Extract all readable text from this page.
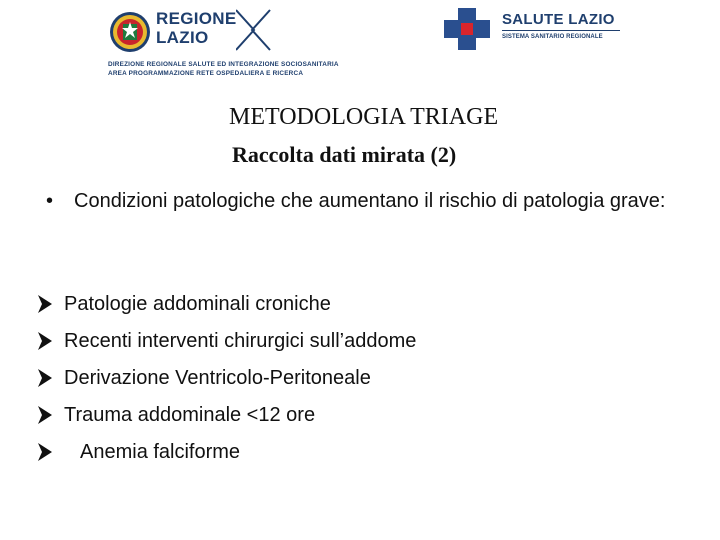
REGIONE
LAZIO
DIREZIONE REGIONALE SALUTE ED INTEGRAZIONE SOCIOSANITARIA
AREA PROGRAMMAZIONE RETE OSPEDALIERA E RICERCA
SALUTE LAZIO
SISTEMA SANITARIO REGIONALE
METODOLOGIA TRIAGE
Raccolta dati mirata (2)
• Condizioni patologiche che aumentano il rischio di patologia grave:
Patologie addominali croniche
Recenti interventi chirurgici sull’addome
Derivazione Ventricolo-Peritoneale
Trauma addominale <12 ore
Anemia falciforme
